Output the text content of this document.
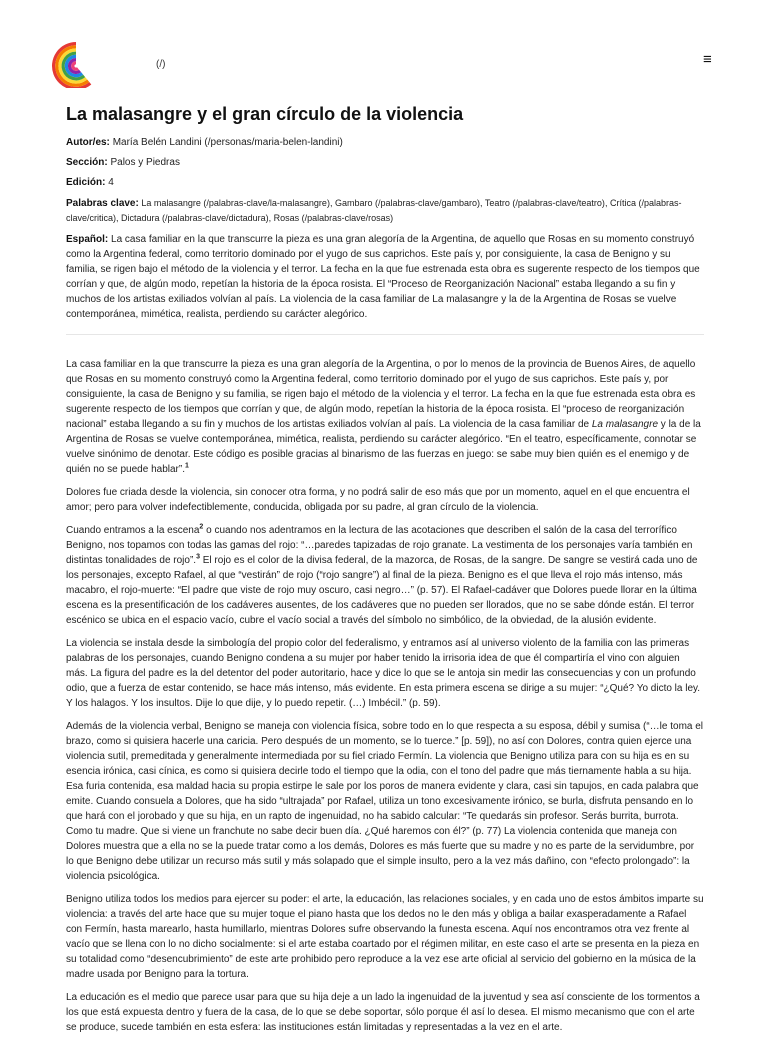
(/)	≡
La malasangre y el gran círculo de la violencia

Autor/es: María Belén Landini (/personas/maria-belen-landini)

Sección: Palos y Piedras

Edición: 4

Palabras clave: La malasangre (/palabras-clave/la-malasangre), Gambaro (/palabras-clave/gambaro), Teatro (/palabras-clave/teatro), Crítica (/palabras-clave/critica), Dictadura (/palabras-clave/dictadura), Rosas (/palabras-clave/rosas)

Español: La casa familiar en la que transcurre la pieza es una gran alegoría de la Argentina, de aquello que Rosas en su momento construyó como la Argentina federal, como territorio dominado por el yugo de sus caprichos. Este país y, por consiguiente, la casa de Benigno y su familia, se rigen bajo el método de la violencia y el terror. La fecha en la que fue estrenada esta obra es sugerente respecto de los tiempos que corrían y que, de algún modo, repetían la historia de la época rosista. El “Proceso de Reorganización Nacional” estaba llegando a su fin y muchos de los artistas exiliados volvían al país. La violencia de la casa familiar de La malasangre y la de la Argentina de Rosas se vuelve contemporánea, mimética, realista, perdiendo su carácter alegórico.

La casa familiar en la que transcurre la pieza es una gran alegoría de la Argentina, o por lo menos de la provincia de Buenos Aires, de aquello que Rosas en su momento construyó como la Argentina federal, como territorio dominado por el yugo de sus caprichos. Este país y, por consiguiente, la casa de Benigno y su familia, se rigen bajo el método de la violencia y el terror. La fecha en la que fue estrenada esta obra es sugerente respecto de los tiempos que corrían y que, de algún modo, repetían la historia de la época rosista. El “proceso de reorganización nacional” estaba llegando a su fin y muchos de los artistas exiliados volvían al país. La violencia de la casa familiar de La malasangre y la de la Argentina de Rosas se vuelve contemporánea, mimética, realista, perdiendo su carácter alegórico. “En el teatro, específicamente, connotar se vuelve sinónimo de denotar. Este código es posible gracias al binarismo de las fuerzas en juego: se sabe muy bien quién es el enemigo y de quién no se puede hablar”.$^1$

Dolores fue criada desde la violencia, sin conocer otra forma, y no podrá salir de eso más que por un momento, aquel en el que encuentra el amor; pero para volver indefectiblemente, conducida, obligada por su padre, al gran círculo de la violencia.

Cuando entramos a la escena$^2$ o cuando nos adentramos en la lectura de las acotaciones que describen el salón de la casa del terrorífico Benigno, nos topamos con todas las gamas del rojo: “…paredes tapizadas de rojo granate. La vestimenta de los personajes varía también en distintas tonalidades de rojo”.$^3$ El rojo es el color de la divisa federal, de la mazorca, de Rosas, de la sangre. De sangre se vestirá cada uno de los personajes, excepto Rafael, al que “vestirán” de rojo (“rojo sangre”) al final de la pieza. Benigno es el que lleva el rojo más intenso, más macabro, el rojo-muerte: “El padre que viste de rojo muy oscuro, casi negro…” (p. 57). El Rafael-cadáver que Dolores puede llorar en la última escena es la presentificación de los cadáveres ausentes, de los cadáveres que no pueden ser llorados, que no se sabe dónde están. El terror escénico se ubica en el espacio vacío, cubre el vacío social a través del símbolo no simbólico, de la obviedad, de la alusión evidente.

La violencia se instala desde la simbología del propio color del federalismo, y entramos así al universo violento de la familia con las primeras palabras de los personajes, cuando Benigno condena a su mujer por haber tenido la irrisoria idea de que él compartiría el vino con alguien más. La figura del padre es la del detentor del poder autoritario, hace y dice lo que se le antoja sin medir las consecuencias y con un profundo odio, que a fuerza de estar contenido, se hace más intenso, más evidente. En esta primera escena se dirige a su mujer: “¿Qué? Yo dicto la ley. Y los halagos. Y los insultos. Dije lo que dije, y lo puedo repetir. (…) Imbécil.” (p. 59).

Además de la violencia verbal, Benigno se maneja con violencia física, sobre todo en lo que respecta a su esposa, débil y sumisa (“…le toma el brazo, como si quisiera hacerle una caricia. Pero después de un momento, se lo tuerce.” [p. 59]), no así con Dolores, contra quien ejerce una violencia sutil, premeditada y generalmente intermediada por su fiel criado Fermín. La violencia que Benigno utiliza para con su hija es en su esencia irónica, casi cínica, es como si quisiera decirle todo el tiempo que la odia, con el tono del padre que más tiernamente habla a su hija. Esa furia contenida, esa maldad hacia su propia estirpe le sale por los poros de manera evidente y clara, casi sin tapujos, en cada palabra que emite. Cuando consuela a Dolores, que ha sido “ultrajada” por Rafael, utiliza un tono excesivamente irónico, se burla, disfruta pensando en lo que hará con el jorobado y que su hija, en un rapto de ingenuidad, no ha sabido calcular: “Te quedarás sin profesor. Serás burrita, burrota. Como tu madre. Que si viene un franchute no sabe decir buen día. ¿Qué haremos con él?” (p. 77) La violencia contenida que maneja con Dolores muestra que a ella no se la puede tratar como a los demás, Dolores es más fuerte que su madre y no es parte de la servidumbre, por lo que Benigno debe utilizar un recurso más sutil y más solapado que el simple insulto, pero a la vez más dañino, con “efecto prolongado”: la violencia psicológica.

Benigno utiliza todos los medios para ejercer su poder: el arte, la educación, las relaciones sociales, y en cada uno de estos ámbitos imparte su violencia: a través del arte hace que su mujer toque el piano hasta que los dedos no le den más y obliga a bailar exasperadamente a Rafael con Fermín, hasta marearlo, hasta humillarlo, mientras Dolores sufre observando la funesta escena. Aquí nos encontramos otra vez frente al vacío que se llena con lo no dicho socialmente: si el arte estaba coartado por el régimen militar, en este caso el arte se presenta en la pieza en su totalidad como “desencubrimiento” de este arte prohibido pero reproduce a la vez ese arte oficial al servicio del gobierno en la música de la madre usada por Benigno para la tortura.

La educación es el medio que parece usar para que su hija deje a un lado la ingenuidad de la juventud y sea así consciente de los tormentos a los que está expuesta dentro y fuera de la casa, de lo que se debe soportar, sólo porque él así lo desea. El mismo mecanismo que con el arte se produce, sucede también en esta esfera: las instituciones están limitadas y representadas a la vez en el arte.
